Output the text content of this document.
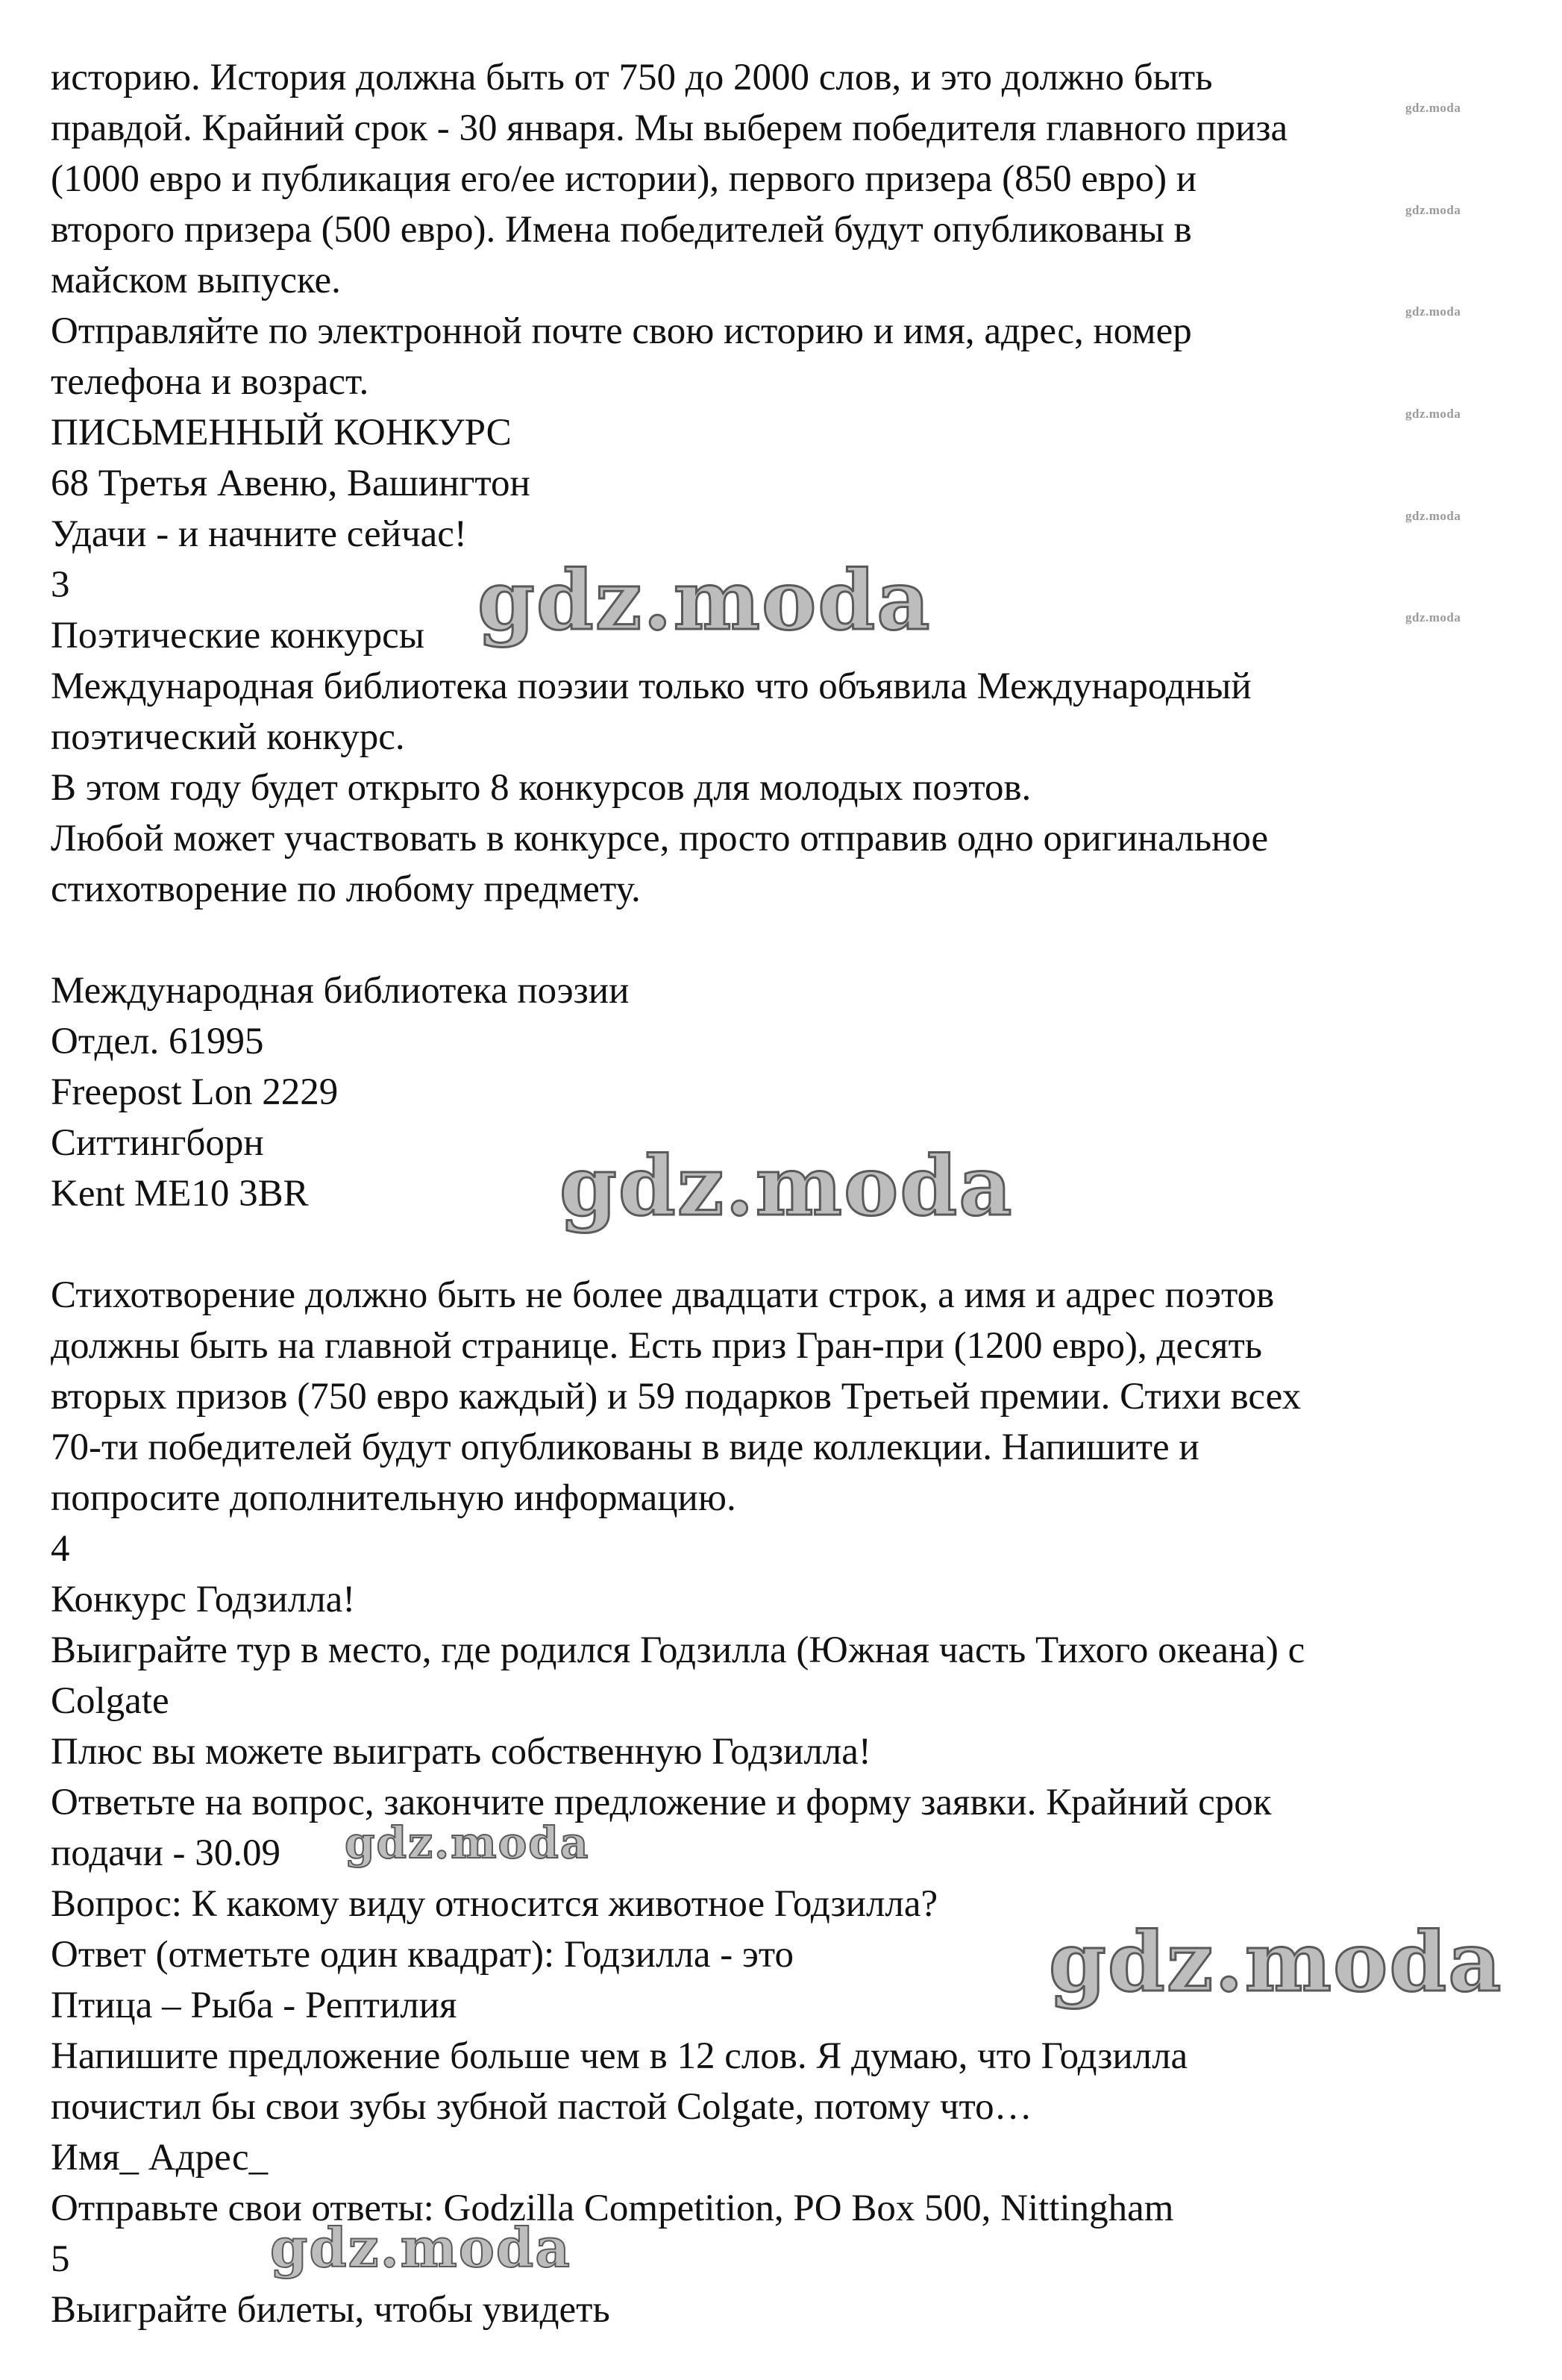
историю. История должна быть от 750 до 2000 слов, и это должно быть
правдой. Крайний срок - 30 января. Мы выберем победителя главного приза
(1000 евро и публикация его/ее истории), первого призера (850 евро) и
второго призера (500 евро). Имена победителей будут опубликованы в
майском выпуске.
Отправляйте по электронной почте свою историю и имя, адрес, номер
телефона и возраст.
ПИСЬМЕННЫЙ КОНКУРС
68 Третья Авеню, Вашингтон
Удачи - и начните сейчас!
3
Поэтические конкурсы
Международная библиотека поэзии только что объявила Международный
поэтический конкурс.
В этом году будет открыто 8 конкурсов для молодых поэтов.
Любой может участвовать в конкурсе, просто отправив одно оригинальное
стихотворение по любому предмету.
Международная библиотека поэзии
Отдел. 61995
Freepost Lon 2229
Ситтингборн
Kent ME10 3BR
Стихотворение должно быть не более двадцати строк, а имя и адрес поэтов
должны быть на главной странице. Есть приз Гран-при (1200 евро), десять
вторых призов (750 евро каждый) и 59 подарков Третьей премии. Стихи всех
70-ти победителей будут опубликованы в виде коллекции. Напишите и
попросите дополнительную информацию.
4
Конкурс Годзилла!
Выиграйте тур в место, где родился Годзилла (Южная часть Тихого океана) с
Colgate
Плюс вы можете выиграть собственную Годзилла!
Ответьте на вопрос, закончите предложение и форму заявки. Крайний срок
подачи - 30.09
Вопрос: К какому виду относится животное Годзилла?
Ответ (отметьте один квадрат): Годзилла - это
Птица – Рыба - Рептилия
Напишите предложение больше чем в 12 слов. Я думаю, что Годзилла
почистил бы свои зубы зубной пастой Colgate, потому что…
Имя_ Адрес_
Отправьте свои ответы: Godzilla Competition, PO Box 500, Nittingham
5
Выиграйте билеты, чтобы увидеть
gdz.moda
gdz.moda
gdz.moda
gdz.moda
gdz.moda
gdz.moda
gdz.moda
gdz.moda
gdz.moda
gdz.moda
gdz.moda
